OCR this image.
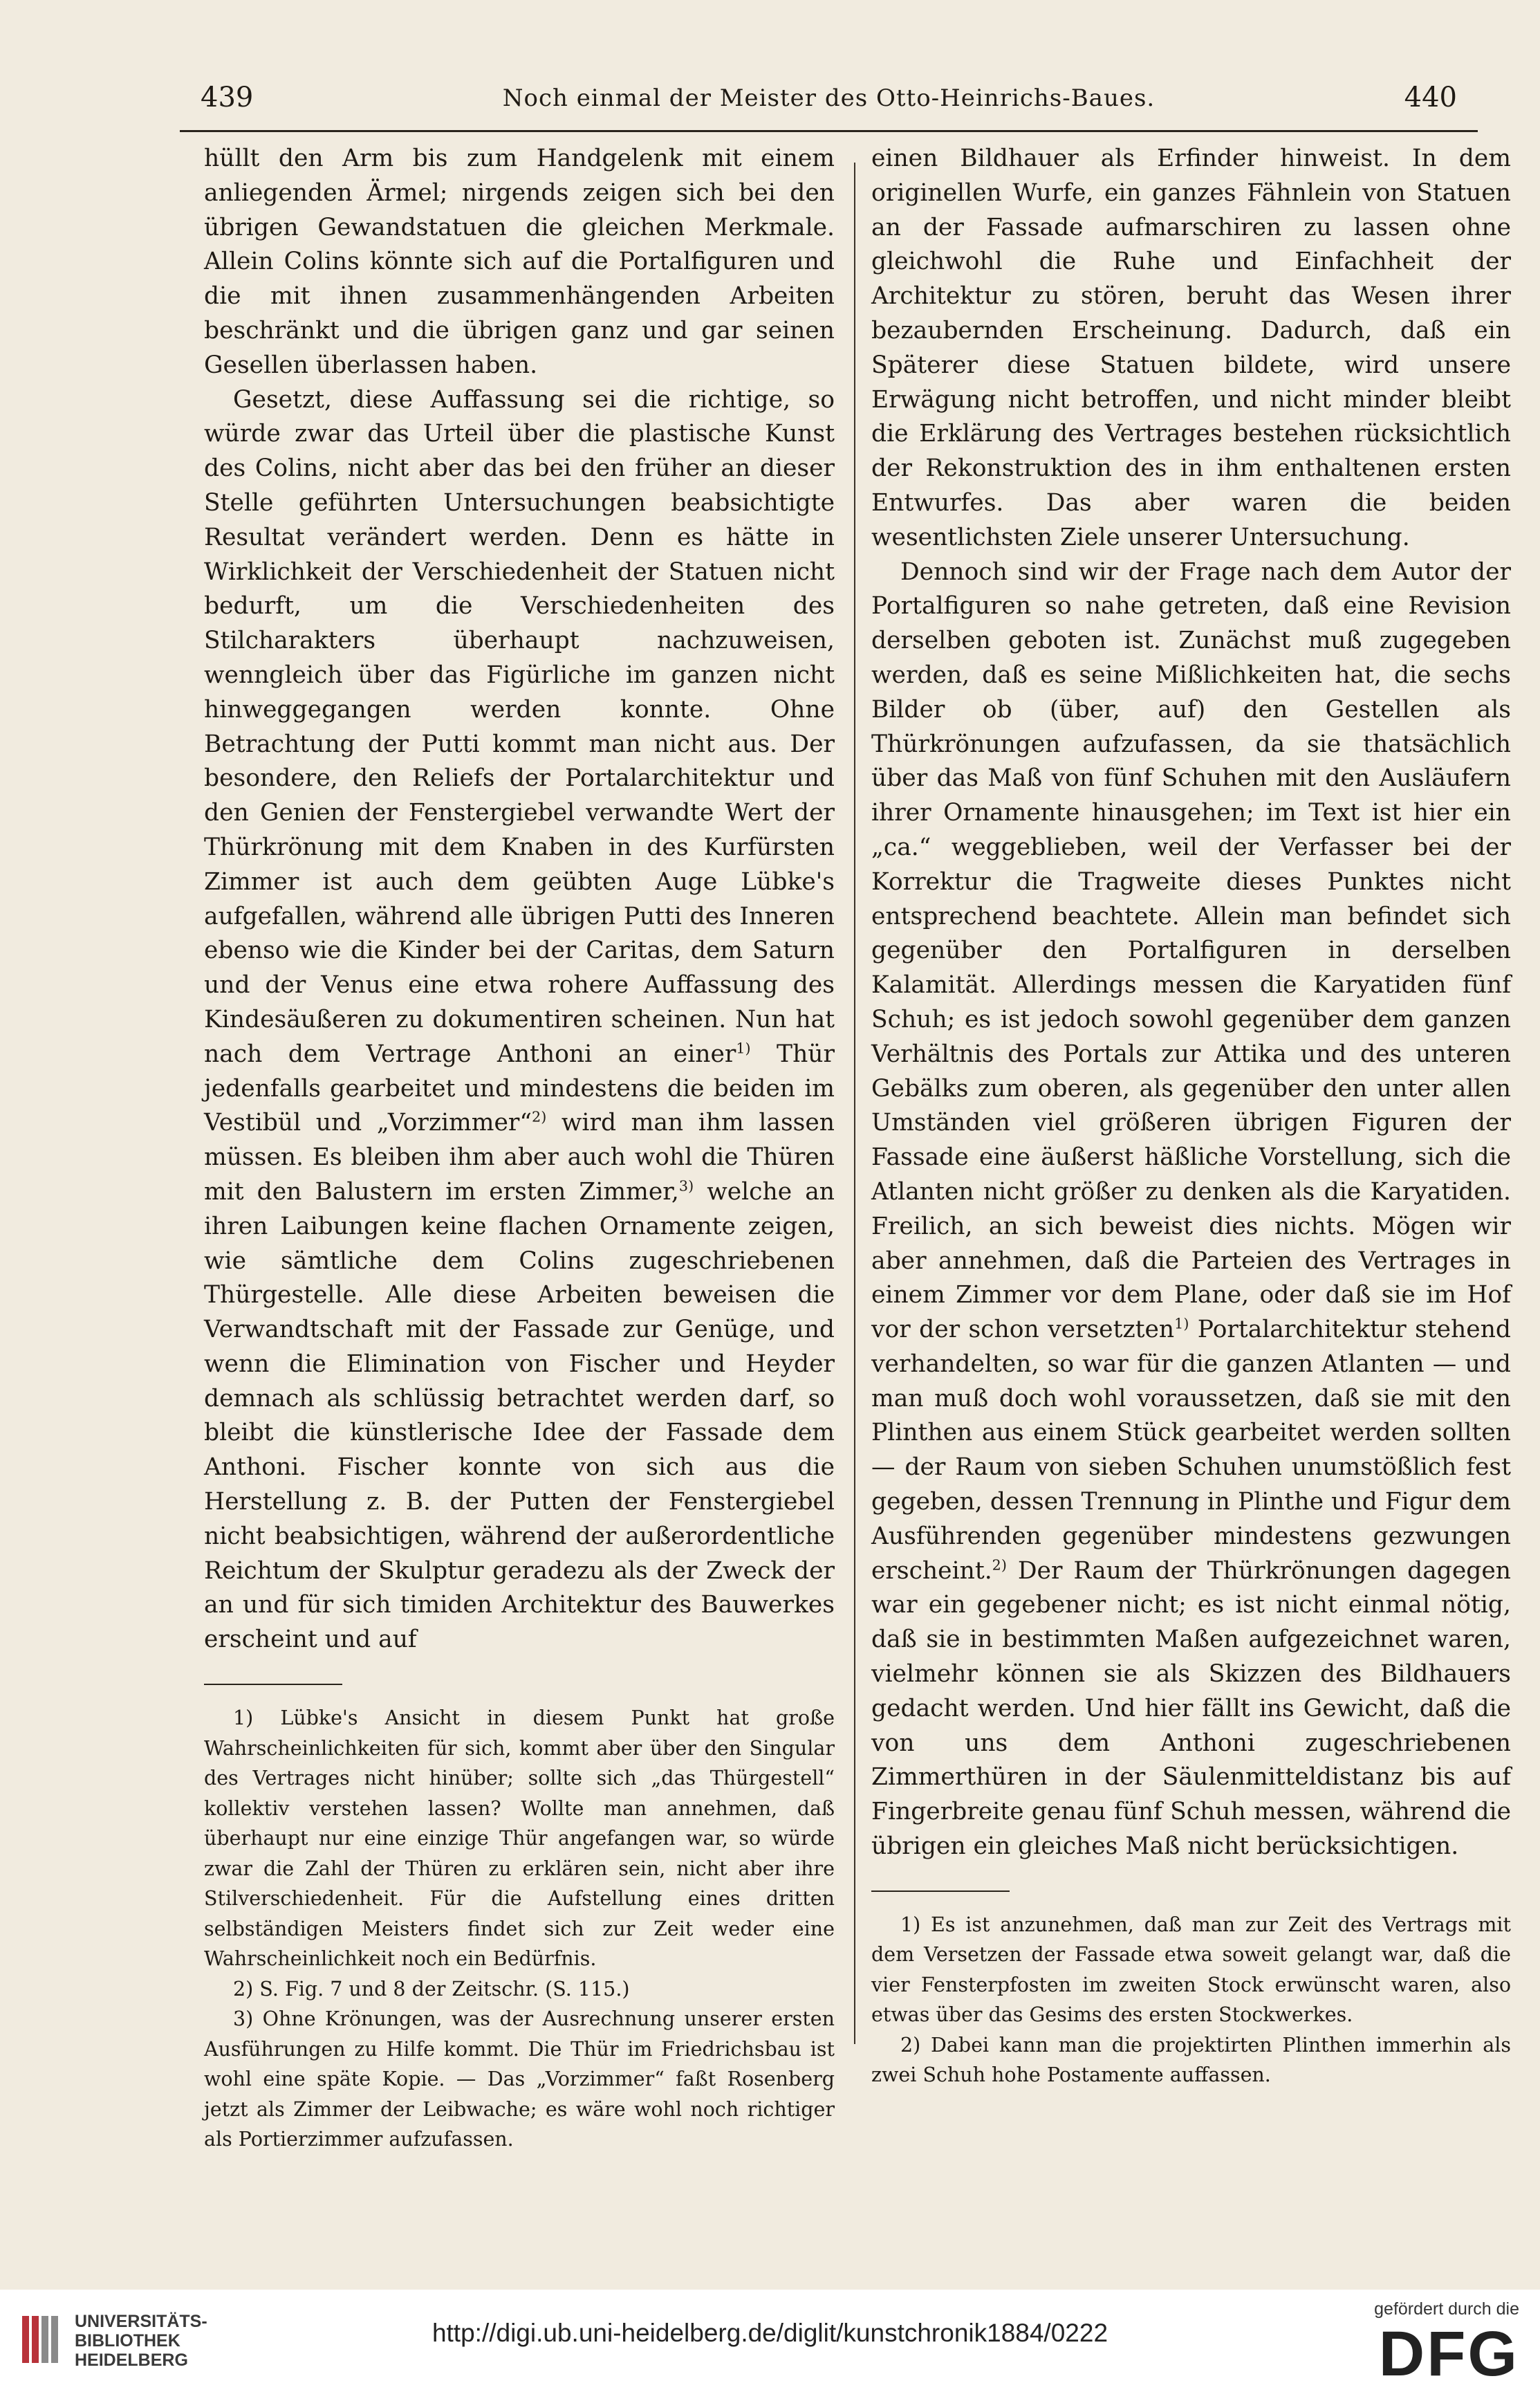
439	Noch einmal der Meister des Otto-Heinrichs-Baues.	440

hüllt den Arm bis zum Handgelenk mit einem anliegenden Ärmel; nirgends zeigen sich bei den übrigen Gewandstatuen die gleichen Merkmale. Allein Colins könnte sich auf die Portalfiguren und die mit ihnen zusammenhängenden Arbeiten beschränkt und die übrigen ganz und gar seinen Gesellen überlassen haben.

Gesetzt, diese Auffassung sei die richtige, so würde zwar das Urteil über die plastische Kunst des Colins, nicht aber das bei den früher an dieser Stelle geführten Untersuchungen beabsichtigte Resultat verändert werden. Denn es hätte in Wirklichkeit der Verschiedenheit der Statuen nicht bedurft, um die Verschiedenheiten des Stilcharakters überhaupt nachzuweisen, wenngleich über das Figürliche im ganzen nicht hinweggegangen werden konnte. Ohne Betrachtung der Putti kommt man nicht aus. Der besondere, den Reliefs der Portalarchitektur und den Genien der Fenstergiebel verwandte Wert der Thürkrönung mit dem Knaben in des Kurfürsten Zimmer ist auch dem geübten Auge Lübke's aufgefallen, während alle übrigen Putti des Inneren ebenso wie die Kinder bei der Caritas, dem Saturn und der Venus eine etwa rohere Auffassung des Kindesäußeren zu dokumentiren scheinen. Nun hat nach dem Vertrage Anthoni an einer$^{1)}$ Thür jedenfalls gearbeitet und mindestens die beiden im Vestibül und „Vorzimmer“$^{2)}$ wird man ihm lassen müssen. Es bleiben ihm aber auch wohl die Thüren mit den Balustern im ersten Zimmer,$^{3)}$ welche an ihren Laibungen keine flachen Ornamente zeigen, wie sämtliche dem Colins zugeschriebenen Thürgestelle. Alle diese Arbeiten beweisen die Verwandtschaft mit der Fassade zur Genüge, und wenn die Elimination von Fischer und Heyder demnach als schlüssig betrachtet werden darf, so bleibt die künstlerische Idee der Fassade dem Anthoni. Fischer konnte von sich aus die Herstellung z. B. der Putten der Fenstergiebel nicht beabsichtigen, während der außerordentliche Reichtum der Skulptur geradezu als der Zweck der an und für sich timiden Architektur des Bauwerkes erscheint und auf

1) Lübke's Ansicht in diesem Punkt hat große Wahrscheinlichkeiten für sich, kommt aber über den Singular des Vertrages nicht hinüber; sollte sich „das Thürgestell“ kollektiv verstehen lassen? Wollte man annehmen, daß überhaupt nur eine einzige Thür angefangen war, so würde zwar die Zahl der Thüren zu erklären sein, nicht aber ihre Stilverschiedenheit. Für die Aufstellung eines dritten selbständigen Meisters findet sich zur Zeit weder eine Wahrscheinlichkeit noch ein Bedürfnis.

2) S. Fig. 7 und 8 der Zeitschr. (S. 115.)

3) Ohne Krönungen, was der Ausrechnung unserer ersten Ausführungen zu Hilfe kommt. Die Thür im Friedrichsbau ist wohl eine späte Kopie. — Das „Vorzimmer“ faßt Rosenberg jetzt als Zimmer der Leibwache; es wäre wohl noch richtiger als Portierzimmer aufzufassen.

einen Bildhauer als Erfinder hinweist. In dem originellen Wurfe, ein ganzes Fähnlein von Statuen an der Fassade aufmarschiren zu lassen ohne gleichwohl die Ruhe und Einfachheit der Architektur zu stören, beruht das Wesen ihrer bezaubernden Erscheinung. Dadurch, daß ein Späterer diese Statuen bildete, wird unsere Erwägung nicht betroffen, und nicht minder bleibt die Erklärung des Vertrages bestehen rücksichtlich der Rekonstruktion des in ihm enthaltenen ersten Entwurfes. Das aber waren die beiden wesentlichsten Ziele unserer Untersuchung.

Dennoch sind wir der Frage nach dem Autor der Portalfiguren so nahe getreten, daß eine Revision derselben geboten ist. Zunächst muß zugegeben werden, daß es seine Mißlichkeiten hat, die sechs Bilder ob (über, auf) den Gestellen als Thürkrönungen aufzufassen, da sie thatsächlich über das Maß von fünf Schuhen mit den Ausläufern ihrer Ornamente hinausgehen; im Text ist hier ein „ca.“ weggeblieben, weil der Verfasser bei der Korrektur die Tragweite dieses Punktes nicht entsprechend beachtete. Allein man befindet sich gegenüber den Portalfiguren in derselben Kalamität. Allerdings messen die Karyatiden fünf Schuh; es ist jedoch sowohl gegenüber dem ganzen Verhältnis des Portals zur Attika und des unteren Gebälks zum oberen, als gegenüber den unter allen Umständen viel größeren übrigen Figuren der Fassade eine äußerst häßliche Vorstellung, sich die Atlanten nicht größer zu denken als die Karyatiden. Freilich, an sich beweist dies nichts. Mögen wir aber annehmen, daß die Parteien des Vertrages in einem Zimmer vor dem Plane, oder daß sie im Hof vor der schon versetzten$^{1)}$ Portalarchitektur stehend verhandelten, so war für die ganzen Atlanten — und man muß doch wohl voraussetzen, daß sie mit den Plinthen aus einem Stück gearbeitet werden sollten — der Raum von sieben Schuhen unumstößlich fest gegeben, dessen Trennung in Plinthe und Figur dem Ausführenden gegenüber mindestens gezwungen erscheint.$^{2)}$ Der Raum der Thürkrönungen dagegen war ein gegebener nicht; es ist nicht einmal nötig, daß sie in bestimmten Maßen aufgezeichnet waren, vielmehr können sie als Skizzen des Bildhauers gedacht werden. Und hier fällt ins Gewicht, daß die von uns dem Anthoni zugeschriebenen Zimmerthüren in der Säulenmitteldistanz bis auf Fingerbreite genau fünf Schuh messen, während die übrigen ein gleiches Maß nicht berücksichtigen.

1) Es ist anzunehmen, daß man zur Zeit des Vertrags mit dem Versetzen der Fassade etwa soweit gelangt war, daß die vier Fensterpfosten im zweiten Stock erwünscht waren, also etwas über das Gesims des ersten Stockwerkes.

2) Dabei kann man die projektirten Plinthen immerhin als zwei Schuh hohe Postamente auffassen.

UNIVERSITÄTS-
BIBLIOTHEK
HEIDELBERG
http://digi.ub.uni-heidelberg.de/diglit/kunstchronik1884/0222
gefördert durch die
DFG
